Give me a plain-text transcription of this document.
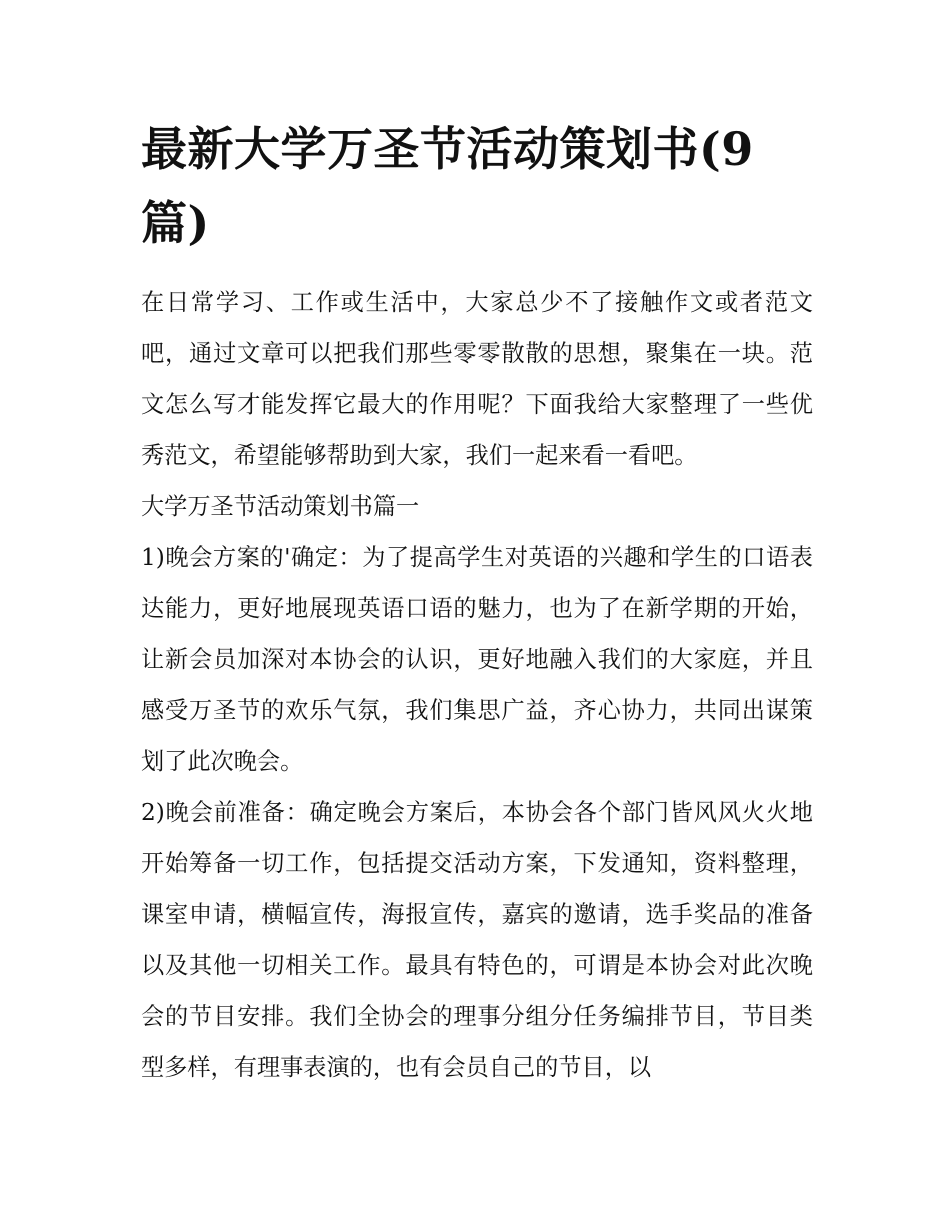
最新大学万圣节活动策划书(9篇)

在日常学习、工作或生活中，大家总少不了接触作文或者范文吧，通过文章可以把我们那些零零散散的思想，聚集在一块。范文怎么写才能发挥它最大的作用呢？下面我给大家整理了一些优秀范文，希望能够帮助到大家，我们一起来看一看吧。

大学万圣节活动策划书篇一

1)晚会方案的'确定：为了提高学生对英语的兴趣和学生的口语表达能力，更好地展现英语口语的魅力，也为了在新学期的开始，让新会员加深对本协会的认识，更好地融入我们的大家庭，并且感受万圣节的欢乐气氛，我们集思广益，齐心协力，共同出谋策划了此次晚会。

2)晚会前准备：确定晚会方案后，本协会各个部门皆风风火火地开始筹备一切工作，包括提交活动方案，下发通知，资料整理，课室申请，横幅宣传，海报宣传，嘉宾的邀请，选手奖品的准备以及其他一切相关工作。最具有特色的，可谓是本协会对此次晚会的节目安排。我们全协会的理事分组分任务编排节目，节目类型多样，有理事表演的，也有会员自己的节目，以
